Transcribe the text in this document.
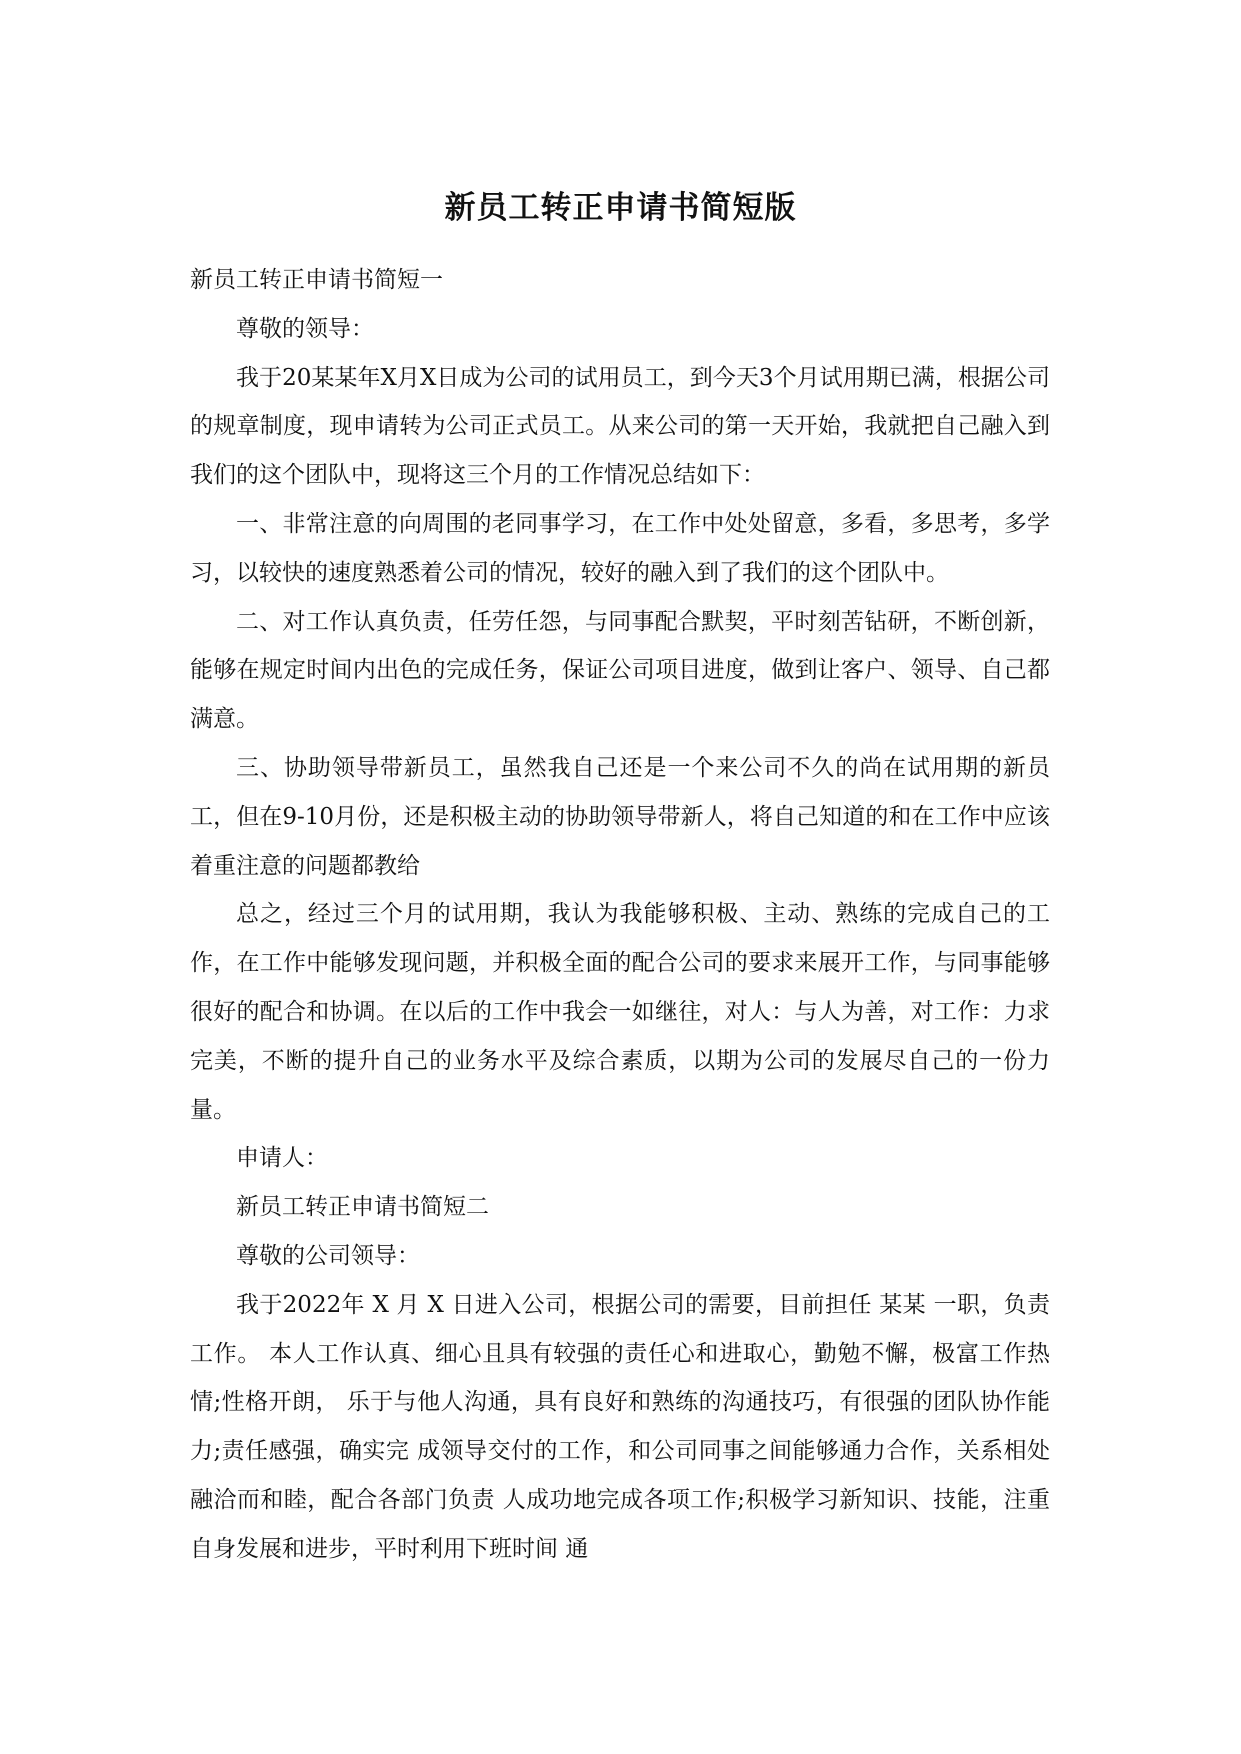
新员工转正申请书简短版

新员工转正申请书简短一

尊敬的领导：

我于20某某年X月X日成为公司的试用员工，到今天3个月试用期已满，根据公司的规章制度，现申请转为公司正式员工。从来公司的第一天开始，我就把自己融入到我们的这个团队中，现将这三个月的工作情况总结如下：

一、非常注意的向周围的老同事学习，在工作中处处留意，多看，多思考，多学习，以较快的速度熟悉着公司的情况，较好的融入到了我们的这个团队中。

二、对工作认真负责，任劳任怨，与同事配合默契，平时刻苦钻研，不断创新，能够在规定时间内出色的完成任务，保证公司项目进度，做到让客户、领导、自己都满意。

三、协助领导带新员工，虽然我自己还是一个来公司不久的尚在试用期的新员工，但在9-10月份，还是积极主动的协助领导带新人，将自己知道的和在工作中应该着重注意的问题都教给

总之，经过三个月的试用期，我认为我能够积极、主动、熟练的完成自己的工作，在工作中能够发现问题，并积极全面的配合公司的要求来展开工作，与同事能够很好的配合和协调。在以后的工作中我会一如继往，对人：与人为善，对工作：力求完美，不断的提升自己的业务水平及综合素质，以期为公司的发展尽自己的一份力量。

申请人：

新员工转正申请书简短二

尊敬的公司领导：

我于2022年 X 月 X 日进入公司，根据公司的需要，目前担任 某某 一职，负责 工作。 本人工作认真、细心且具有较强的责任心和进取心，勤勉不懈，极富工作热情;性格开朗， 乐于与他人沟通，具有良好和熟练的沟通技巧，有很强的团队协作能力;责任感强，确实完 成领导交付的工作，和公司同事之间能够通力合作，关系相处融洽而和睦，配合各部门负责 人成功地完成各项工作;积极学习新知识、技能，注重自身发展和进步，平时利用下班时间 通
